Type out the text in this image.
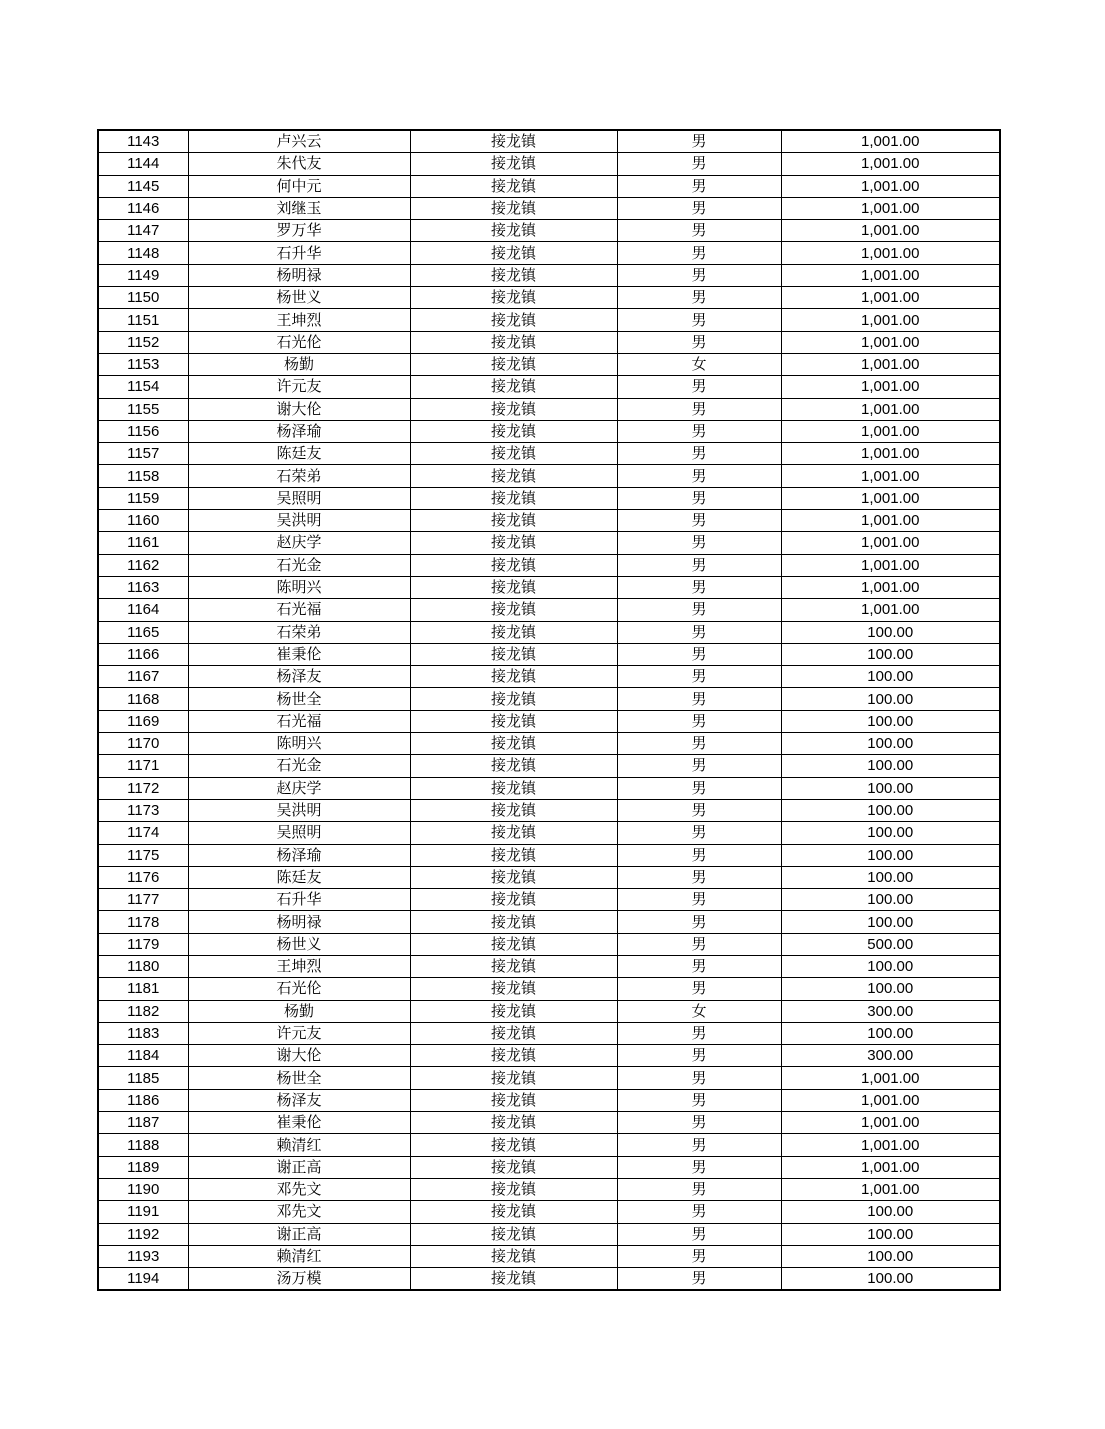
1143	卢兴云	接龙镇	男	1,001.00
1144	朱代友	接龙镇	男	1,001.00
1145	何中元	接龙镇	男	1,001.00
1146	刘继玉	接龙镇	男	1,001.00
1147	罗万华	接龙镇	男	1,001.00
1148	石升华	接龙镇	男	1,001.00
1149	杨明禄	接龙镇	男	1,001.00
1150	杨世义	接龙镇	男	1,001.00
1151	王坤烈	接龙镇	男	1,001.00
1152	石光伦	接龙镇	男	1,001.00
1153	杨勤	接龙镇	女	1,001.00
1154	许元友	接龙镇	男	1,001.00
1155	谢大伦	接龙镇	男	1,001.00
1156	杨泽瑜	接龙镇	男	1,001.00
1157	陈廷友	接龙镇	男	1,001.00
1158	石荣弟	接龙镇	男	1,001.00
1159	吴照明	接龙镇	男	1,001.00
1160	吴洪明	接龙镇	男	1,001.00
1161	赵庆学	接龙镇	男	1,001.00
1162	石光金	接龙镇	男	1,001.00
1163	陈明兴	接龙镇	男	1,001.00
1164	石光福	接龙镇	男	1,001.00
1165	石荣弟	接龙镇	男	100.00
1166	崔秉伦	接龙镇	男	100.00
1167	杨泽友	接龙镇	男	100.00
1168	杨世全	接龙镇	男	100.00
1169	石光福	接龙镇	男	100.00
1170	陈明兴	接龙镇	男	100.00
1171	石光金	接龙镇	男	100.00
1172	赵庆学	接龙镇	男	100.00
1173	吴洪明	接龙镇	男	100.00
1174	吴照明	接龙镇	男	100.00
1175	杨泽瑜	接龙镇	男	100.00
1176	陈廷友	接龙镇	男	100.00
1177	石升华	接龙镇	男	100.00
1178	杨明禄	接龙镇	男	100.00
1179	杨世义	接龙镇	男	500.00
1180	王坤烈	接龙镇	男	100.00
1181	石光伦	接龙镇	男	100.00
1182	杨勤	接龙镇	女	300.00
1183	许元友	接龙镇	男	100.00
1184	谢大伦	接龙镇	男	300.00
1185	杨世全	接龙镇	男	1,001.00
1186	杨泽友	接龙镇	男	1,001.00
1187	崔秉伦	接龙镇	男	1,001.00
1188	赖清红	接龙镇	男	1,001.00
1189	谢正高	接龙镇	男	1,001.00
1190	邓先文	接龙镇	男	1,001.00
1191	邓先文	接龙镇	男	100.00
1192	谢正高	接龙镇	男	100.00
1193	赖清红	接龙镇	男	100.00
1194	汤万模	接龙镇	男	100.00
